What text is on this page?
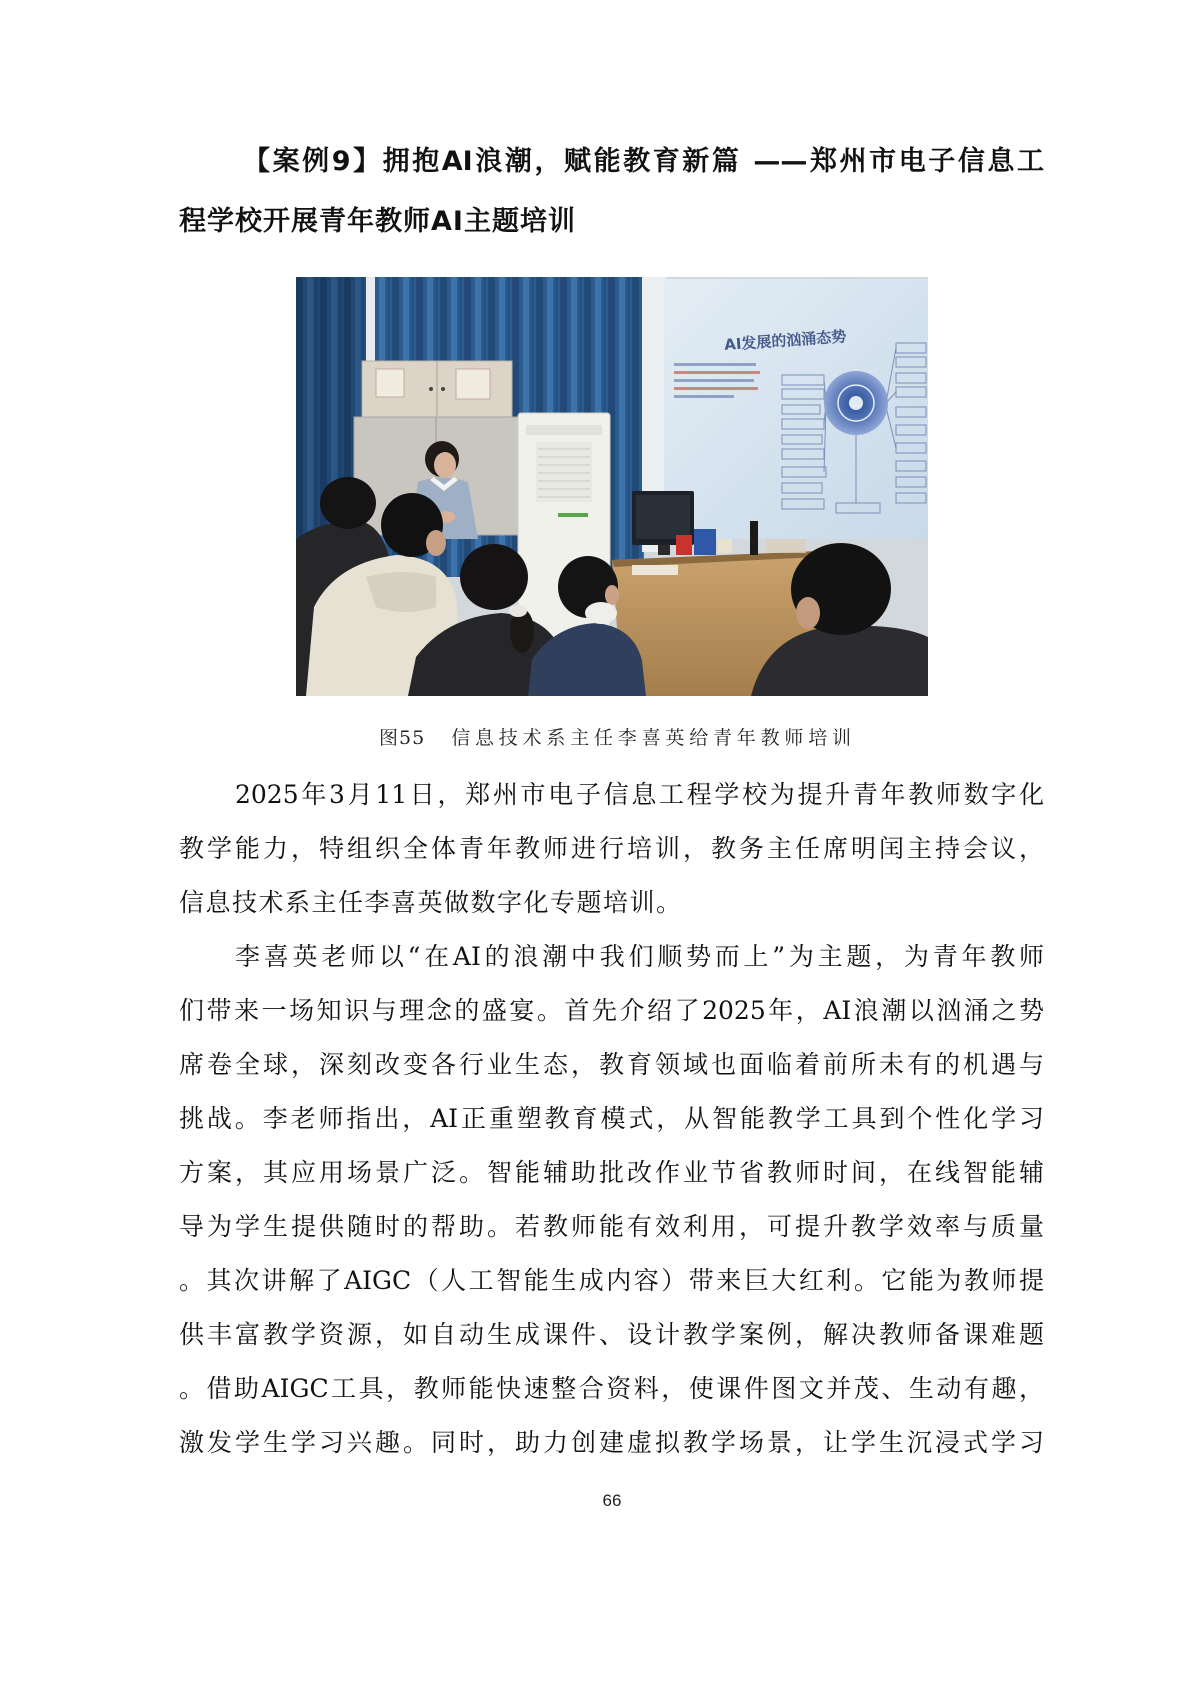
【案例9】拥抱AI浪潮，赋能教育新篇 ——郑州市电子信息工
程学校开展青年教师AI主题培训
AI发展的汹涌态势
图55 信息技术系主任李喜英给青年教师培训
2025年3月11日，郑州市电子信息工程学校为提升青年教师数字化
教学能力，特组织全体青年教师进行培训，教务主任席明闰主持会议，
信息技术系主任李喜英做数字化专题培训。
李喜英老师以“在AI的浪潮中我们顺势而上”为主题，为青年教师
们带来一场知识与理念的盛宴。首先介绍了2025年，AI浪潮以汹涌之势
席卷全球，深刻改变各行业生态，教育领域也面临着前所未有的机遇与
挑战。李老师指出，AI正重塑教育模式，从智能教学工具到个性化学习
方案，其应用场景广泛。智能辅助批改作业节省教师时间，在线智能辅
导为学生提供随时的帮助。若教师能有效利用，可提升教学效率与质量
。其次讲解了AIGC（人工智能生成内容）带来巨大红利。它能为教师提
供丰富教学资源，如自动生成课件、设计教学案例，解决教师备课难题
。借助AIGC工具，教师能快速整合资料，使课件图文并茂、生动有趣，
激发学生学习兴趣。同时，助力创建虚拟教学场景，让学生沉浸式学习
66
